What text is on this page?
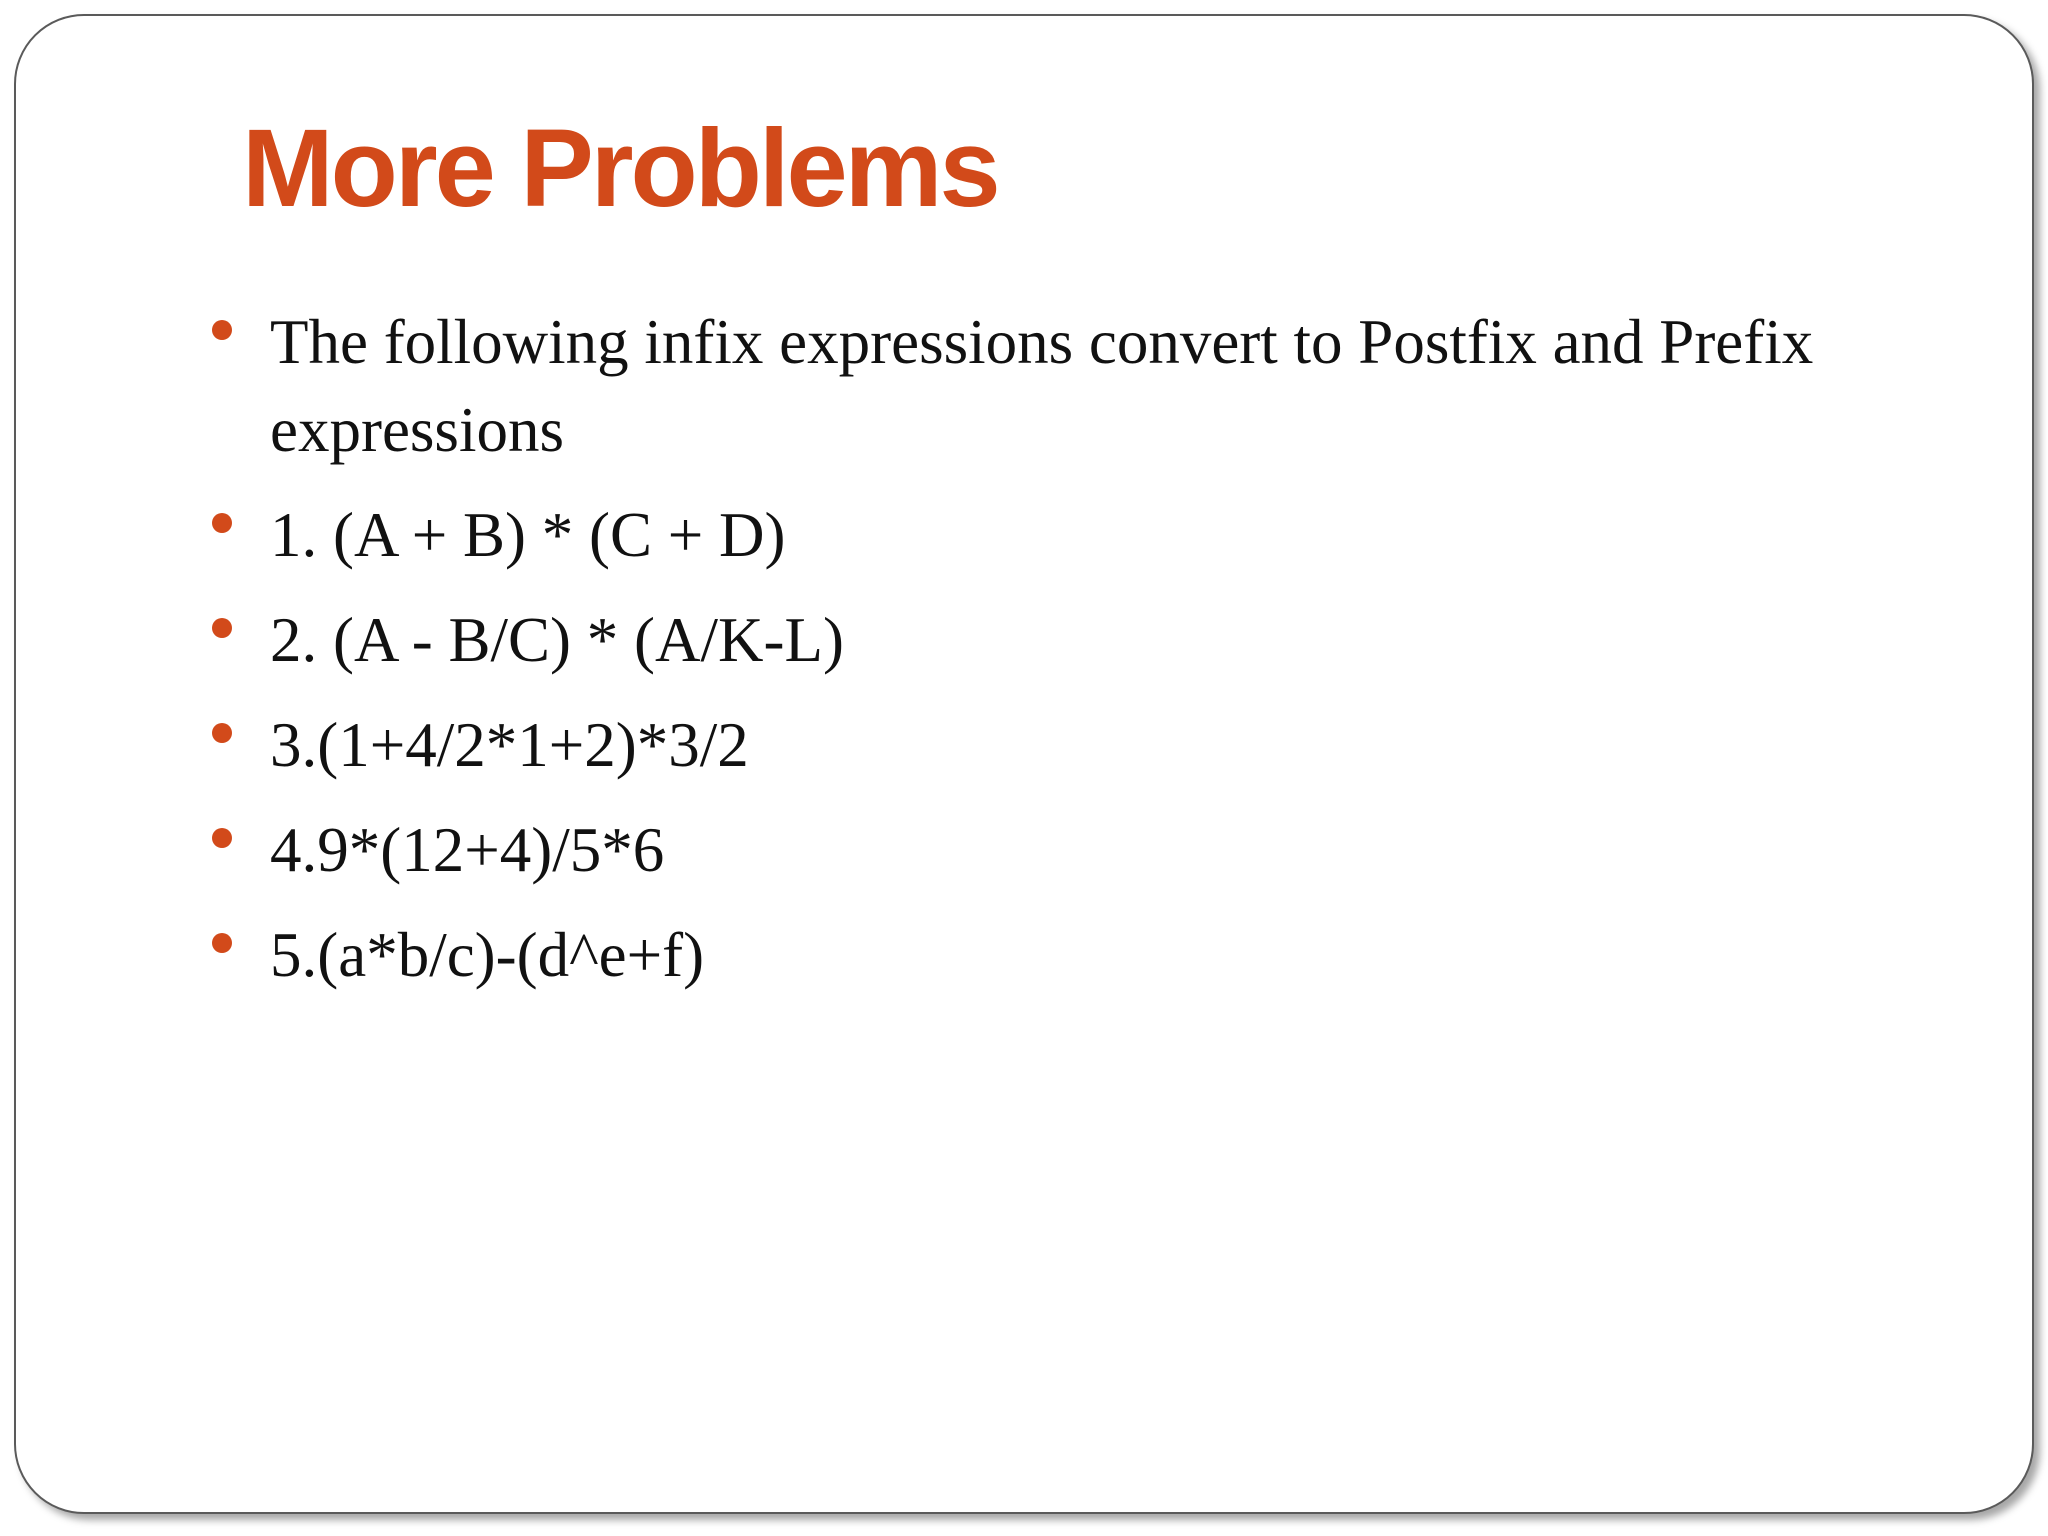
More Problems
The following infix expressions convert to Postfix and Prefix expressions
1. (A + B) * (C + D)
2. (A - B/C) * (A/K-L)
3.(1+4/2*1+2)*3/2
4.9*(12+4)/5*6
5.(a*b/c)-(d^e+f)
